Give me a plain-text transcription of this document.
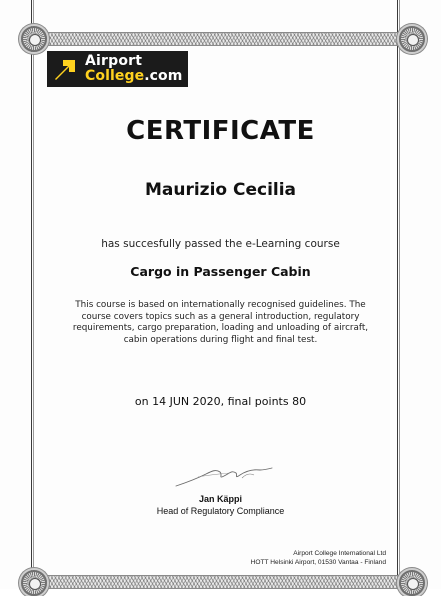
Airport
College.com
CERTIFICATE
Maurizio Cecilia
has succesfully passed the e-Learning course
Cargo in Passenger Cabin
This course is based on internationally recognised guidelines. The course covers topics such as a general introduction, regulatory requirements, cargo preparation, loading and unloading of aircraft, cabin operations during flight and final test.
on 14 JUN 2020, final points 80
Jan Käppi
Head of Regulatory Compliance
Airport College International Ltd
HOTT Helsinki Airport, 01530 Vantaa - Finland
